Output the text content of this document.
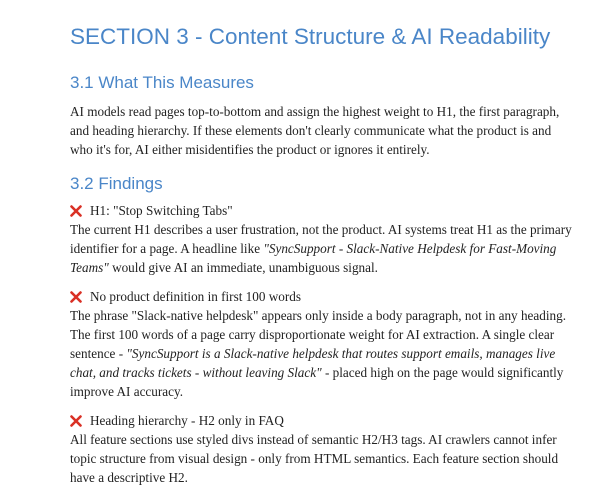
SECTION 3 - Content Structure & AI Readability
3.1 What This Measures

AI models read pages top-to-bottom and assign the highest weight to H1, the first paragraph, and heading hierarchy. If these elements don't clearly communicate what the product is and who it's for, AI either misidentifies the product or ignores it entirely.

3.2 Findings
H1: "Stop Switching Tabs"

The current H1 describes a user frustration, not the product. AI systems treat H1 as the primary identifier for a page. A headline like "SyncSupport - Slack-Native Helpdesk for Fast-Moving Teams" would give AI an immediate, unambiguous signal.

No product definition in first 100 words

The phrase "Slack-native helpdesk" appears only inside a body paragraph, not in any heading. The first 100 words of a page carry disproportionate weight for AI extraction. A single clear sentence - "SyncSupport is a Slack-native helpdesk that routes support emails, manages live chat, and tracks tickets - without leaving Slack" - placed high on the page would significantly improve AI accuracy.

Heading hierarchy - H2 only in FAQ

All feature sections use styled divs instead of semantic H2/H3 tags. AI crawlers cannot infer topic structure from visual design - only from HTML semantics. Each feature section should have a descriptive H2.
